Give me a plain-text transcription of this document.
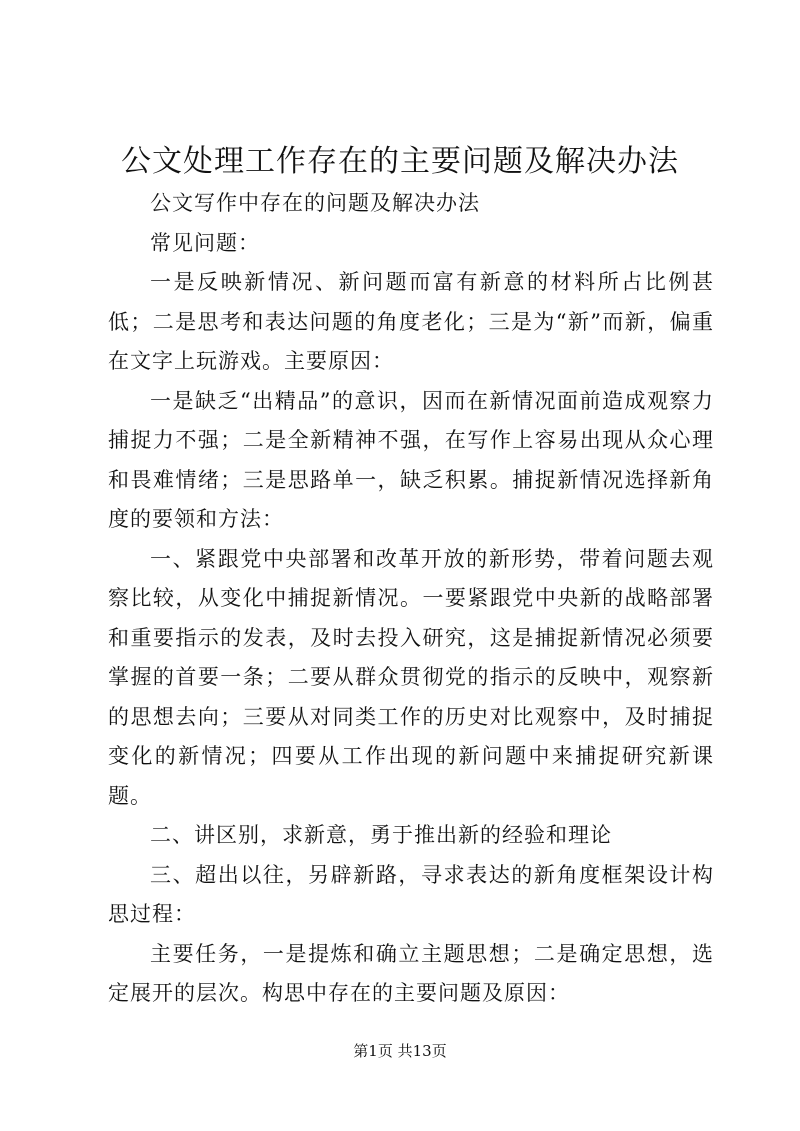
公文处理工作存在的主要问题及解决办法

公文写作中存在的问题及解决办法

常见问题：

一是反映新情况、新问题而富有新意的材料所占比例甚低；二是思考和表达问题的角度老化；三是为“新”而新，偏重在文字上玩游戏。主要原因：

一是缺乏“出精品”的意识，因而在新情况面前造成观察力捕捉力不强；二是全新精神不强，在写作上容易出现从众心理和畏难情绪；三是思路单一，缺乏积累。捕捉新情况选择新角度的要领和方法：

一、紧跟党中央部署和改革开放的新形势，带着问题去观察比较，从变化中捕捉新情况。一要紧跟党中央新的战略部署和重要指示的发表，及时去投入研究，这是捕捉新情况必须要掌握的首要一条；二要从群众贯彻党的指示的反映中，观察新的思想去向；三要从对同类工作的历史对比观察中，及时捕捉变化的新情况；四要从工作出现的新问题中来捕捉研究新课题。

二、讲区别，求新意，勇于推出新的经验和理论

三、超出以往，另辟新路，寻求表达的新角度框架设计构思过程：

主要任务，一是提炼和确立主题思想；二是确定思想，选定展开的层次。构思中存在的主要问题及原因：

第1页 共13页
